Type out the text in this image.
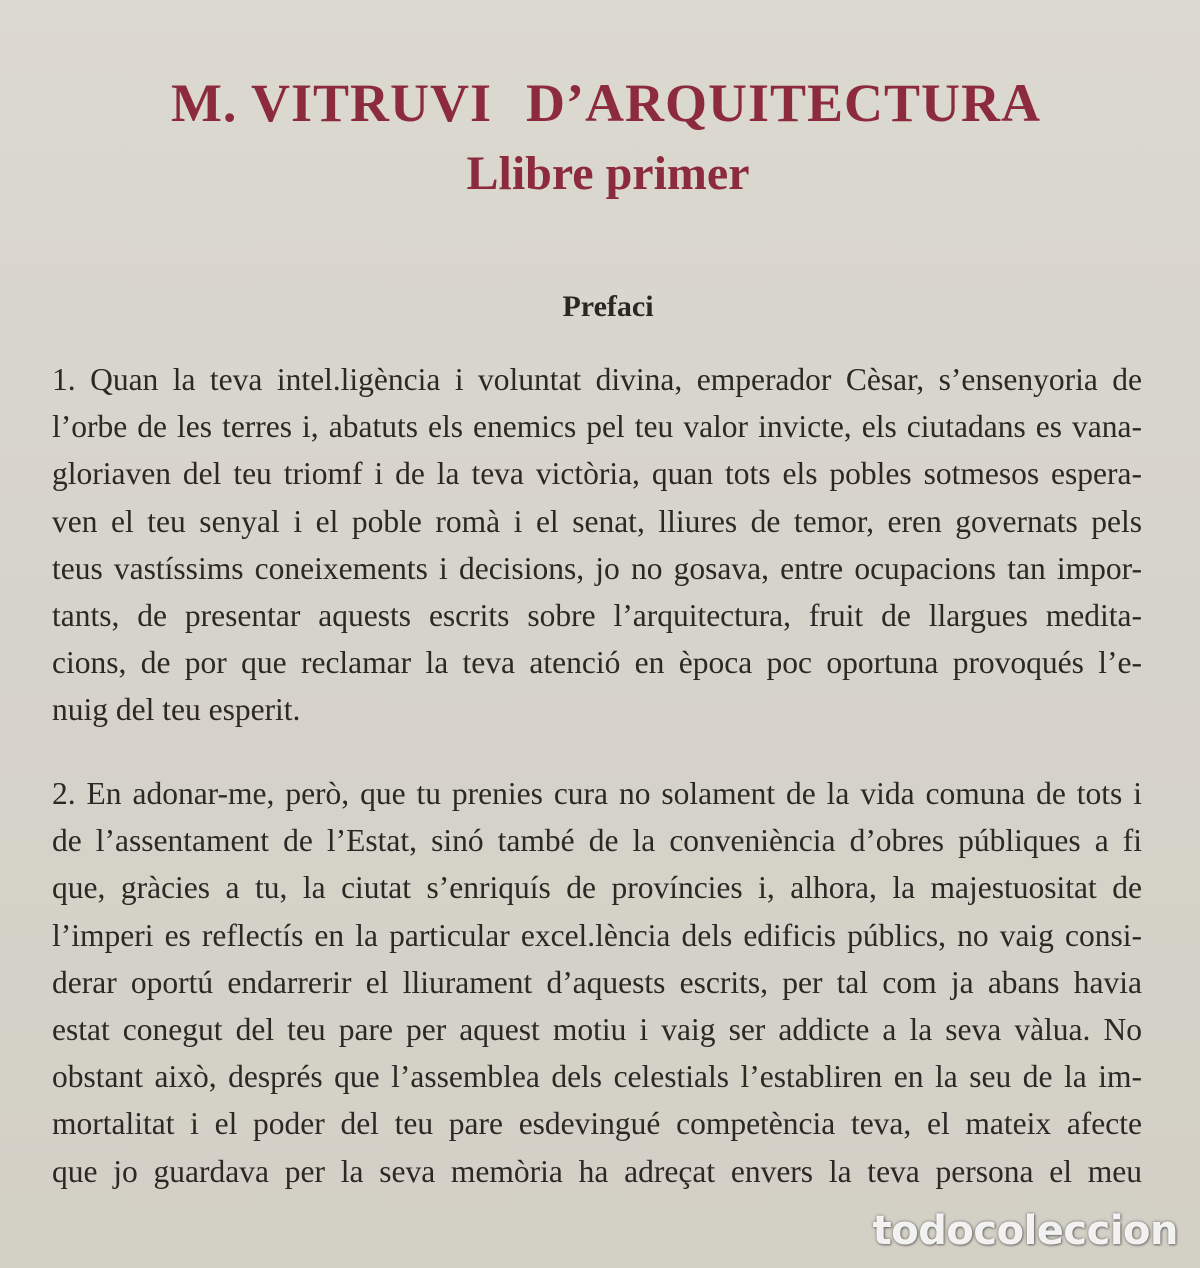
M. VITRUVI D’ARQUITECTURA
Llibre primer
Prefaci
1. Quan la teva intel.ligència i voluntat divina, emperador Cèsar, s’ensenyoria de
l’orbe de les terres i, abatuts els enemics pel teu valor invicte, els ciutadans es vana-
gloriaven del teu triomf i de la teva victòria, quan tots els pobles sotmesos espera-
ven el teu senyal i el poble romà i el senat, lliures de temor, eren governats pels
teus vastíssims coneixements i decisions, jo no gosava, entre ocupacions tan impor-
tants, de presentar aquests escrits sobre l’arquitectura, fruit de llargues medita-
cions, de por que reclamar la teva atenció en època poc oportuna provoqués l’e-
nuig del teu esperit.
2. En adonar-me, però, que tu prenies cura no solament de la vida comuna de tots i
de l’assentament de l’Estat, sinó també de la conveniència d’obres públiques a fi
que, gràcies a tu, la ciutat s’enriquís de províncies i, alhora, la majestuositat de
l’imperi es reflectís en la particular excel.lència dels edificis públics, no vaig consi-
derar oportú endarrerir el lliurament d’aquests escrits, per tal com ja abans havia
estat conegut del teu pare per aquest motiu i vaig ser addicte a la seva vàlua. No
obstant això, després que l’assemblea dels celestials l’establiren en la seu de la im-
mortalitat i el poder del teu pare esdevingué competència teva, el mateix afecte
que jo guardava per la seva memòria ha adreçat envers la teva persona el meu
todocoleccion
